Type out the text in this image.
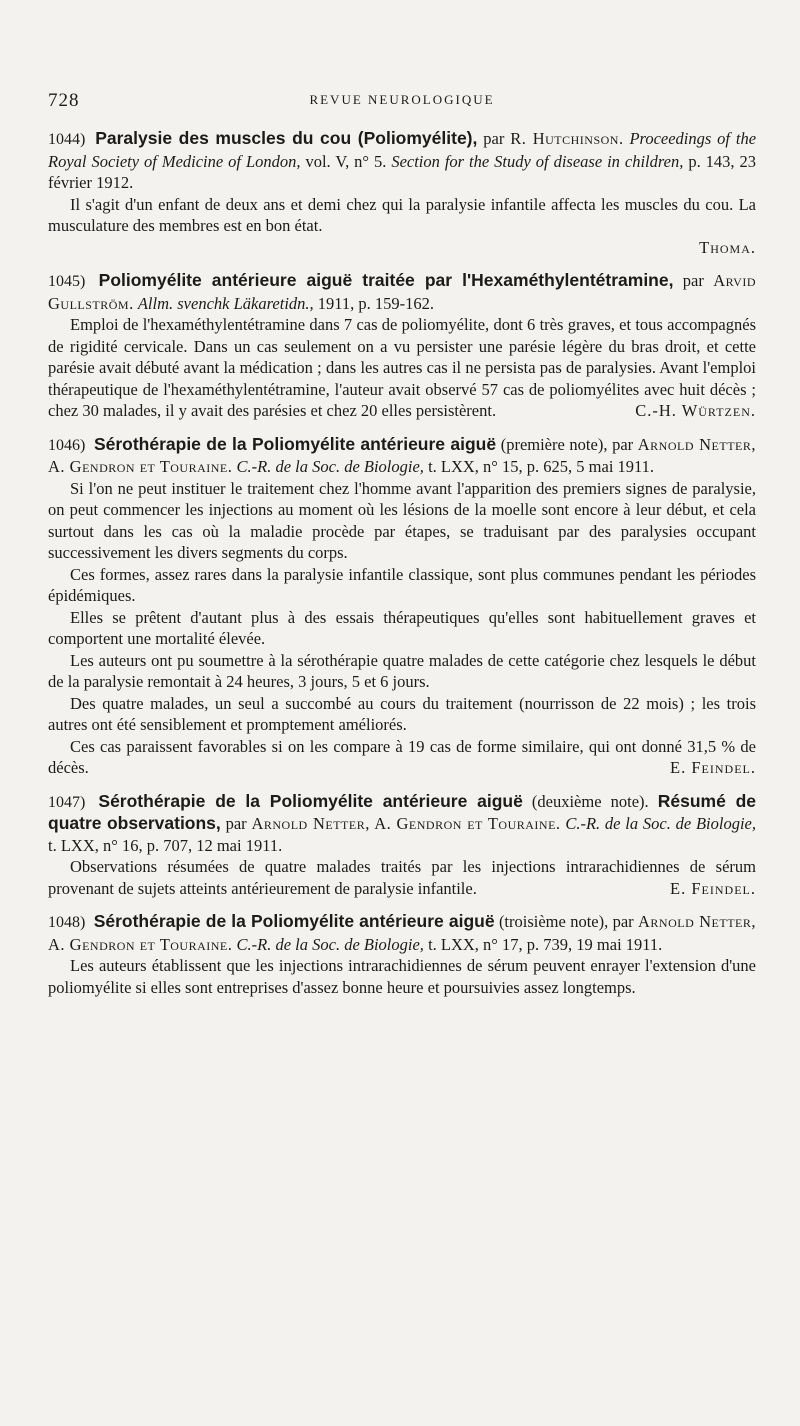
728	REVUE NEUROLOGIQUE

1044) Paralysie des muscles du cou (Poliomyélite), par R. Hutchinson. Proceedings of the Royal Society of Medicine of London, vol. V, n° 5. Section for the Study of disease in children, p. 143, 23 février 1912.

Il s'agit d'un enfant de deux ans et demi chez qui la paralysie infantile affecta les muscles du cou. La musculature des membres est en bon état.

Thoma.

1045) Poliomyélite antérieure aiguë traitée par l'Hexaméthylentétramine, par Arvid Gullström. Allm. svenchk Läkaretidn., 1911, p. 159-162.

Emploi de l'hexaméthylentétramine dans 7 cas de poliomyélite, dont 6 très graves, et tous accompagnés de rigidité cervicale. Dans un cas seulement on a vu persister une parésie légère du bras droit, et cette parésie avait débuté avant la médication ; dans les autres cas il ne persista pas de paralysies. Avant l'emploi thérapeutique de l'hexaméthylentétramine, l'auteur avait observé 57 cas de poliomyélites avec huit décès ; chez 30 malades, il y avait des parésies et chez 20 elles persistèrent.	C.-H. Würtzen.

1046) Sérothérapie de la Poliomyélite antérieure aiguë (première note), par Arnold Netter, A. Gendron et Touraine. C.-R. de la Soc. de Biologie, t. LXX, n° 15, p. 625, 5 mai 1911.

Si l'on ne peut instituer le traitement chez l'homme avant l'apparition des premiers signes de paralysie, on peut commencer les injections au moment où les lésions de la moelle sont encore à leur début, et cela surtout dans les cas où la maladie procède par étapes, se traduisant par des paralysies occupant successivement les divers segments du corps.

Ces formes, assez rares dans la paralysie infantile classique, sont plus communes pendant les périodes épidémiques.

Elles se prêtent d'autant plus à des essais thérapeutiques qu'elles sont habituellement graves et comportent une mortalité élevée.

Les auteurs ont pu soumettre à la sérothérapie quatre malades de cette catégorie chez lesquels le début de la paralysie remontait à 24 heures, 3 jours, 5 et 6 jours.

Des quatre malades, un seul a succombé au cours du traitement (nourrisson de 22 mois) ; les trois autres ont été sensiblement et promptement améliorés.

Ces cas paraissent favorables si on les compare à 19 cas de forme similaire, qui ont donné 31,5 % de décès.	E. Feindel.

1047) Sérothérapie de la Poliomyélite antérieure aiguë (deuxième note). Résumé de quatre observations, par Arnold Netter, A. Gendron et Touraine. C.-R. de la Soc. de Biologie, t. LXX, n° 16, p. 707, 12 mai 1911.

Observations résumées de quatre malades traités par les injections intrarachidiennes de sérum provenant de sujets atteints antérieurement de paralysie infantile.	E. Feindel.

1048) Sérothérapie de la Poliomyélite antérieure aiguë (troisième note), par Arnold Netter, A. Gendron et Touraine. C.-R. de la Soc. de Biologie, t. LXX, n° 17, p. 739, 19 mai 1911.

Les auteurs établissent que les injections intrarachidiennes de sérum peuvent enrayer l'extension d'une poliomyélite si elles sont entreprises d'assez bonne heure et poursuivies assez longtemps.
